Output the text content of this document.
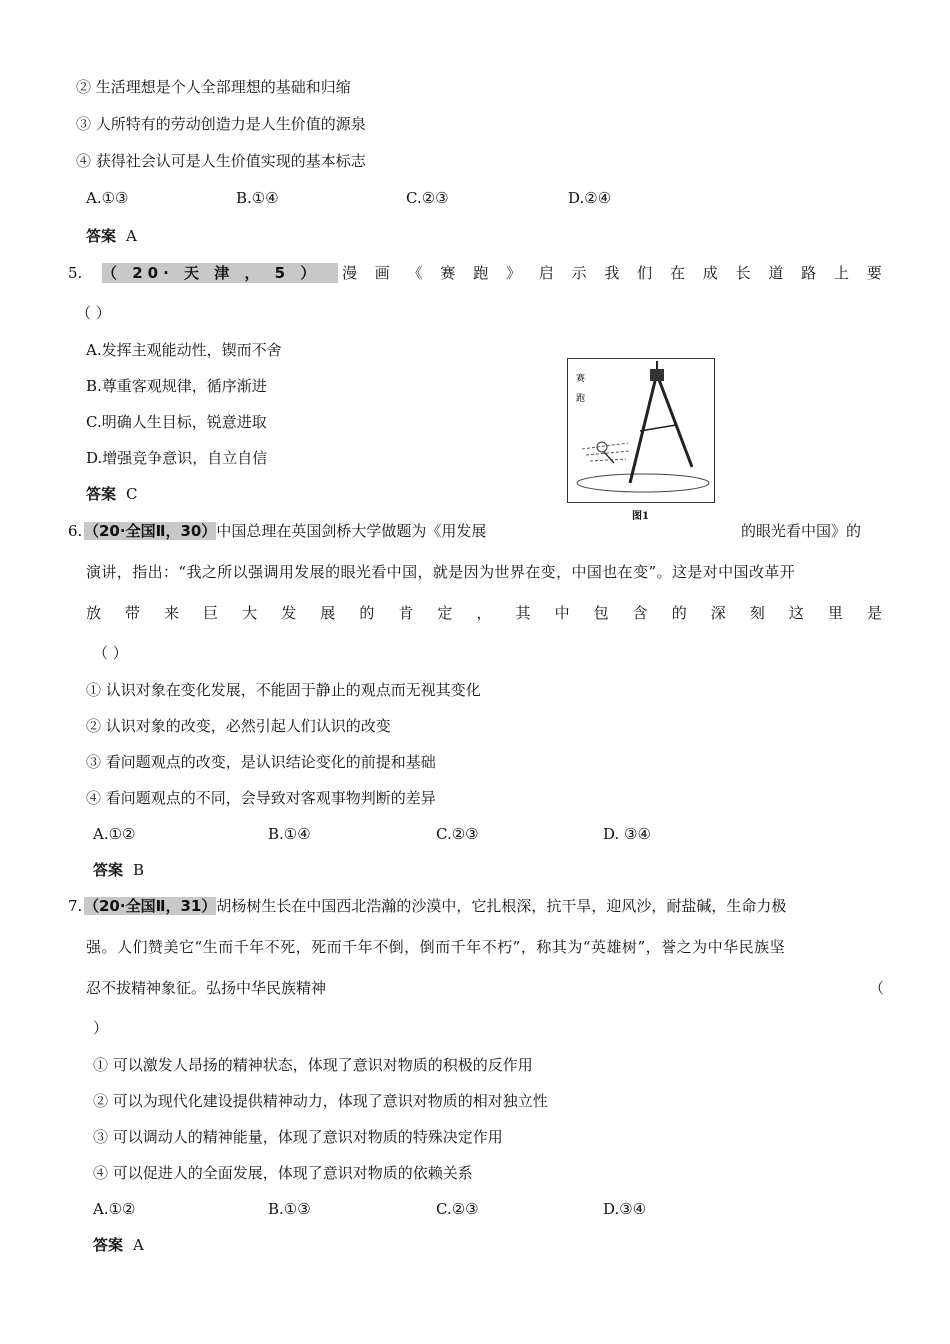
② 生活理想是个人全部理想的基础和归缩
③ 人所特有的劳动创造力是人生价值的源泉
④ 获得社会认可是人生价值实现的基本标志
A.①③	B.①④	C.②③	D.②④
答案 A
5. （ 20· 天 津 ， 5 ）	漫 画 《 赛 跑 》 启 示 我 们 在 成 长 道 路 上 要
（ ）
A.发挥主观能动性，锲而不舍
B.尊重客观规律，循序渐进
C.明确人生目标，锐意进取
D.增强竞争意识，自立自信
答案 C
赛
跑
图1
6. （20·全国Ⅱ，30）中国总理在英国剑桥大学做题为《用发展	的眼光看中国》的
演讲，指出：“我之所以强调用发展的眼光看中国，就是因为世界在变，中国也在变”。这是对中国改革开
放 带 来 巨 大 发 展 的 肯 定 ， 其 中 包 含 的 深 刻 这 里 是
（ ）
① 认识对象在变化发展，不能固于静止的观点而无视其变化
② 认识对象的改变，必然引起人们认识的改变
③ 看问题观点的改变，是认识结论变化的前提和基础
④ 看问题观点的不同，会导致对客观事物判断的差异
A.①②	B.①④	C.②③	D. ③④
答案 B
7. （20·全国Ⅱ，31）胡杨树生长在中国西北浩瀚的沙漠中，它扎根深，抗干旱，迎风沙，耐盐碱，生命力极
强。人们赞美它“生而千年不死，死而千年不倒，倒而千年不朽”，称其为“英雄树”，誉之为中华民族坚
忍不拔精神象征。弘扬中华民族精神	（
）
① 可以激发人昂扬的精神状态，体现了意识对物质的积极的反作用
② 可以为现代化建设提供精神动力，体现了意识对物质的相对独立性
③ 可以调动人的精神能量，体现了意识对物质的特殊决定作用
④ 可以促进人的全面发展，体现了意识对物质的依赖关系
A.①②	B.①③	C.②③	D.③④
答案 A
